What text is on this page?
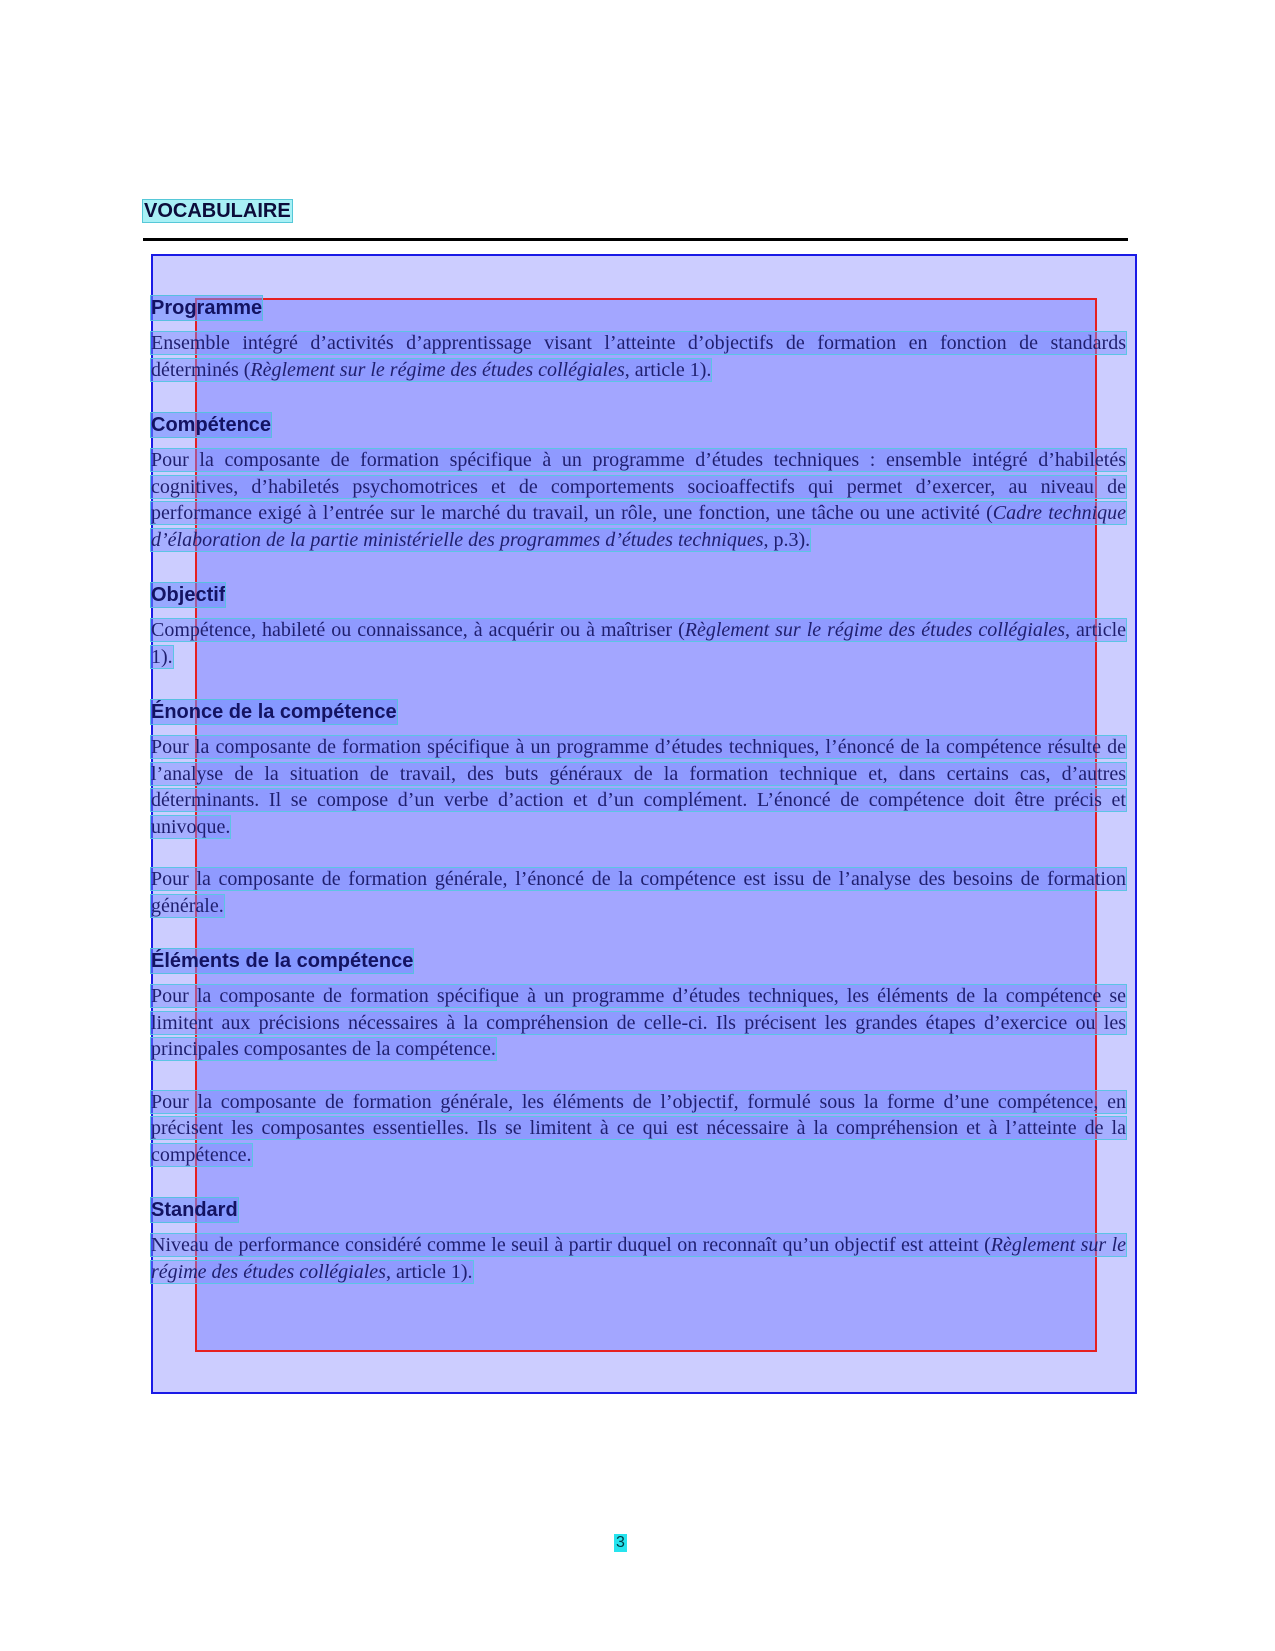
VOCABULAIRE
Programme

Ensemble intégré d’activités d’apprentissage visant l’atteinte d’objectifs de formation en fonction de standards déterminés (Règlement sur le régime des études collégiales, article 1).

Compétence

Pour la composante de formation spécifique à un programme d’études techniques : ensemble intégré d’habiletés cognitives, d’habiletés psychomotrices et de comportements socioaffectifs qui permet d’exercer, au niveau de performance exigé à l’entrée sur le marché du travail, un rôle, une fonction, une tâche ou une activité (Cadre technique d’élaboration de la partie ministérielle des programmes d’études techniques, p.3).

Objectif

Compétence, habileté ou connaissance, à acquérir ou à maîtriser (Règlement sur le régime des études collégiales, article 1).

Énonce de la compétence

Pour la composante de formation spécifique à un programme d’études techniques, l’énoncé de la compétence résulte de l’analyse de la situation de travail, des buts généraux de la formation technique et, dans certains cas, d’autres déterminants. Il se compose d’un verbe d’action et d’un complément. L’énoncé de compétence doit être précis et univoque.

Pour la composante de formation générale, l’énoncé de la compétence est issu de l’analyse des besoins de formation générale.

Éléments de la compétence

Pour la composante de formation spécifique à un programme d’études techniques, les éléments de la compétence se limitent aux précisions nécessaires à la compréhension de celle-ci. Ils précisent les grandes étapes d’exercice ou les principales composantes de la compétence.

Pour la composante de formation générale, les éléments de l’objectif, formulé sous la forme d’une compétence, en précisent les composantes essentielles. Ils se limitent à ce qui est nécessaire à la compréhension et à l’atteinte de la compétence.

Standard

Niveau de performance considéré comme le seuil à partir duquel on reconnaît qu’un objectif est atteint (Règlement sur le régime des études collégiales, article 1).

3
